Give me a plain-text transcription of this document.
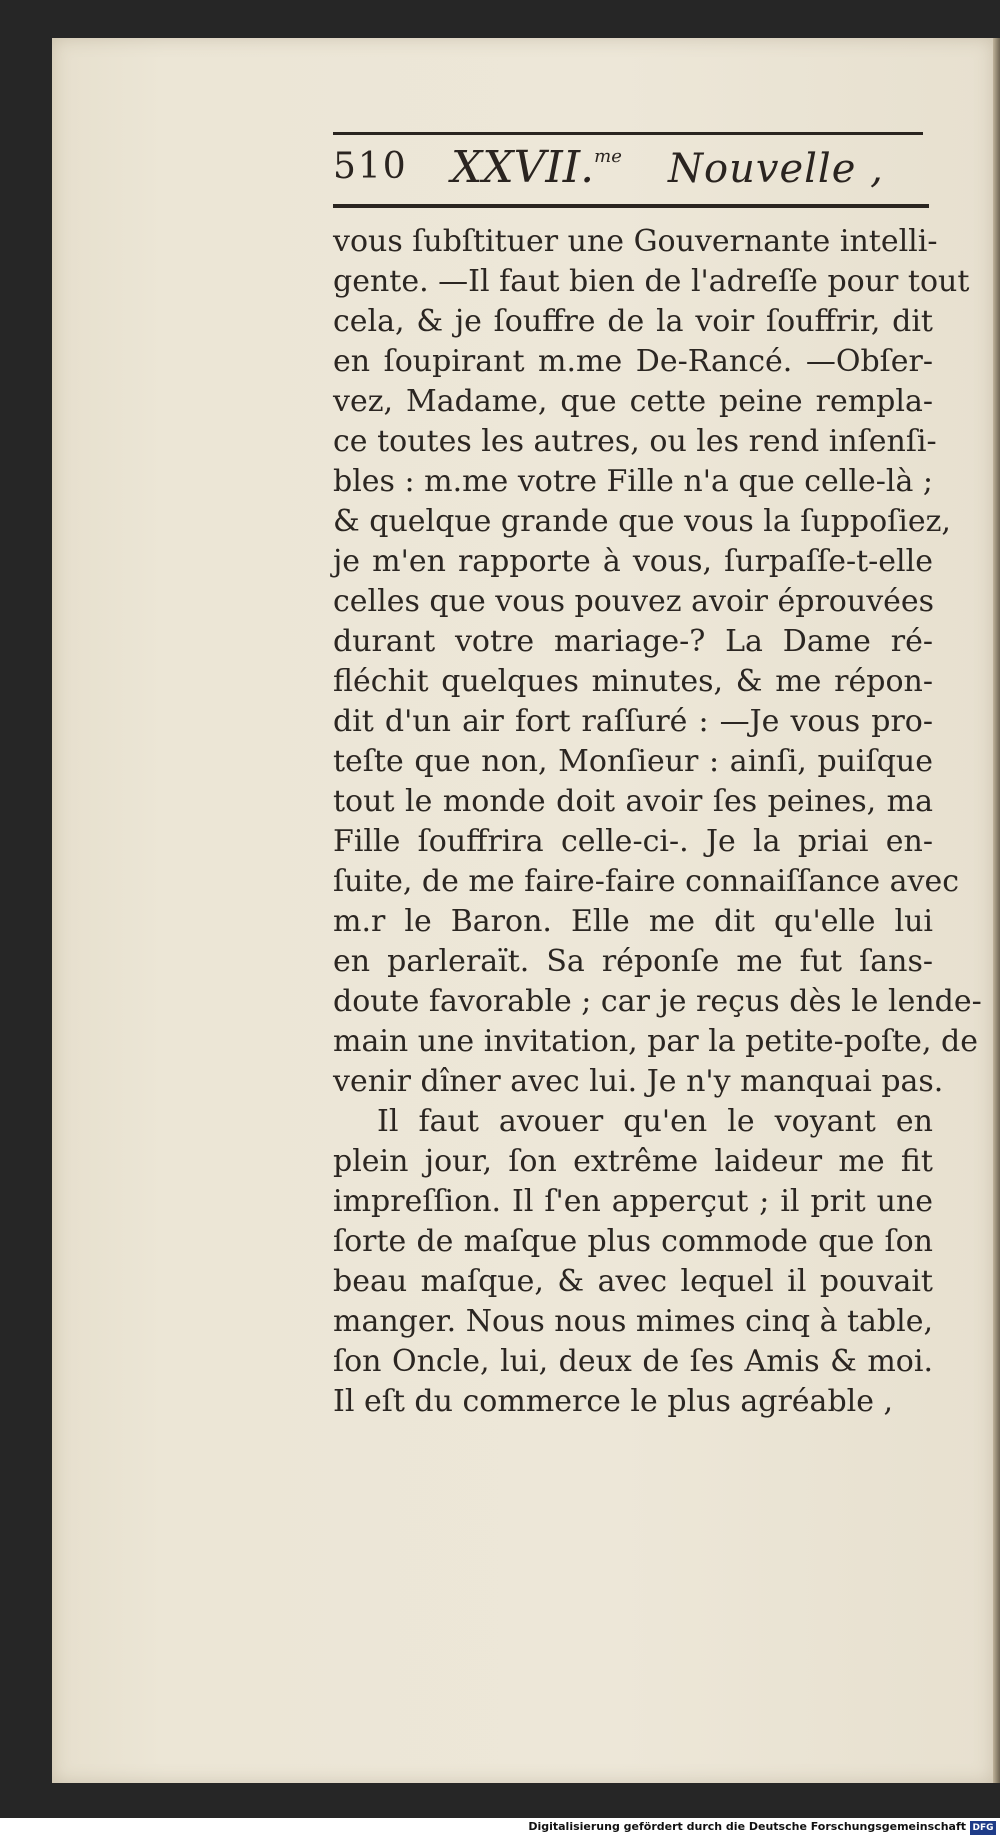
510 XXVII.$^{me}$ Nouvelle ,
vous ſubſtituer une Gouvernante intelli-
gente. —Il faut bien de l'adreſſe pour tout
cela, & je ſouffre de la voir ſouffrir, dit
en ſoupirant m.me De-Rancé. —Obſer-
vez, Madame, que cette peine rempla-
ce toutes les autres, ou les rend inſenſi-
bles : m.me votre Fille n'a que celle-là ;
& quelque grande que vous la ſuppoſiez,
je m'en rapporte à vous, ſurpaſſe-t-elle
celles que vous pouvez avoir éprouvées
durant votre mariage-? La Dame ré-
fléchit quelques minutes, & me répon-
dit d'un air fort raſſuré : —Je vous pro-
teſte que non, Monſieur : ainſi, puiſque
tout le monde doit avoir ſes peines, ma
Fille ſouffrira celle-ci-. Je la priai en-
ſuite, de me faire-faire connaiſſance avec
m.r le Baron. Elle me dit qu'elle lui
en parleraït. Sa réponſe me fut ſans-
doute favorable ; car je reçus dès le lende-
main une invitation, par la petite-poſte, de
venir dîner avec lui. Je n'y manquai pas.
Il faut avouer qu'en le voyant en
plein jour, ſon extrême laideur me fit
impreſſion. Il ſ'en apperçut ; il prit une
ſorte de maſque plus commode que ſon
beau maſque, & avec lequel il pouvait
manger. Nous nous mimes cinq à table,
ſon Oncle, lui, deux de ſes Amis & moi.
Il eſt du commerce le plus agréable ,
Digitalisierung gefördert durch die Deutsche Forschungsgemeinschaft DFG
